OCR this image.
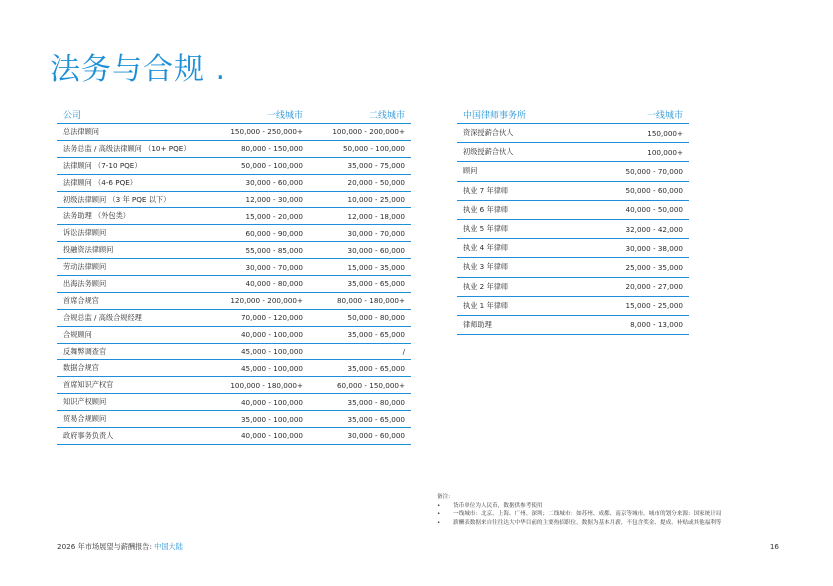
法务与合规 .
公司	一线城市	二线城市
总法律顾问	150,000 - 250,000+	100,000 - 200,000+
法务总监 / 高级法律顾问 （10+ PQE）	80,000 - 150,000	50,000 - 100,000
法律顾问 （7-10 PQE）	50,000 - 100,000	35,000 - 75,000
法律顾问 （4-6 PQE）	30,000 - 60,000	20,000 - 50,000
初级法律顾问 （3 年 PQE 以下）	12,000 - 30,000	10,000 - 25,000
法务助理 （外包类）	15,000 - 20,000	12,000 - 18,000
诉讼法律顾问	60,000 - 90,000	30,000 - 70,000
投融资法律顾问	55,000 - 85,000	30,000 - 60,000
劳动法律顾问	30,000 - 70,000	15,000 - 35,000
出海法务顾问	40,000 - 80,000	35,000 - 65,000
首席合规官	120,000 - 200,000+	80,000 - 180,000+
合规总监 / 高级合规经理	70,000 - 120,000	50,000 - 80,000
合规顾问	40,000 - 100,000	35,000 - 65,000
反舞弊调查官	45,000 - 100,000	/
数据合规官	45,000 - 100,000	35,000 - 65,000
首席知识产权官	100,000 - 180,000+	60,000 - 150,000+
知识产权顾问	40,000 - 100,000	35,000 - 80,000
贸易合规顾问	35,000 - 100,000	35,000 - 65,000
政府事务负责人	40,000 - 100,000	30,000 - 60,000
中国律师事务所	一线城市
资深授薪合伙人	150,000+
初级授薪合伙人	100,000+
顾问	50,000 - 70,000
执业 7 年律师	50,000 - 60,000
执业 6 年律师	40,000 - 50,000
执业 5 年律师	32,000 - 42,000
执业 4 年律师	30,000 - 38,000
执业 3 年律师	25,000 - 35,000
执业 2 年律师	20,000 - 27,000
执业 1 年律师	15,000 - 25,000
律师助理	8,000 - 13,000
备注:
• 货币单位为人民币，数据供参考使用
• 一线城市：北京、上海、广州、深圳；二线城市：如苏州、成都、南京等城市。城市的划分来源：国家统计局
• 薪酬表数据来自往往达大中华目前的主要热招职位，数据为基本月薪，不包含奖金、提成、补贴或其他福利等
2026 年市场展望与薪酬报告: 中国大陆	16
